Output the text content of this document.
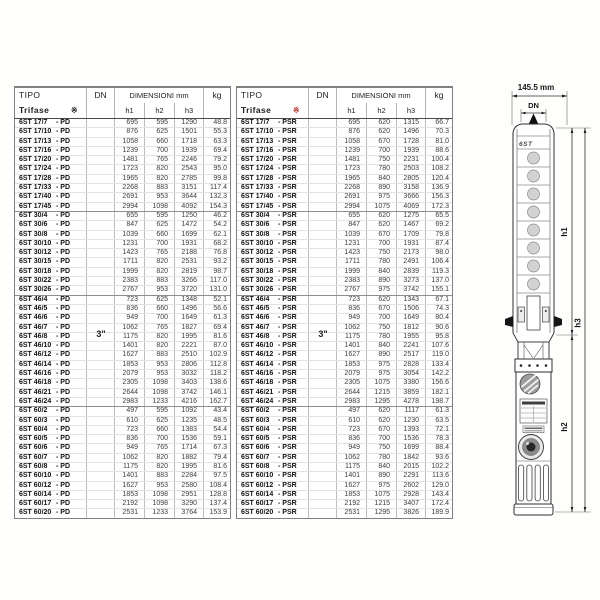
TIPO	DN	DIMENSIONI mm	kg
Trifase	※	h1	h2	h3
6ST 17/7	- PD	695	595	1290	48.8
6ST 17/10 - PD	876	625	1501	55.3
6ST 17/13 - PD	1058	660	1718	63.3
6ST 17/16 - PD	1239	700	1939	69.4
6ST 17/20 - PD	1481	765	2246	79.2
6ST 17/24 - PD	1723	820	2543	95.0
6ST 17/28 - PD	1965	820	2785	99.8
6ST 17/33 - PD	2268	883	3151	117.4
6ST 17/40 - PD	2691	953	3644	132.3
6ST 17/45 - PD	2994	1098	4092	154.3
6ST 30/4	- PD	655	595	1250	46.2
6ST 30/6	- PD	847	625	1472	54.2
6ST 30/8	- PD	1039	660	1699	62.1
6ST 30/10 - PD	1231	700	1931	68.2
6ST 30/12 - PD	1423	765	2188	76.8
6ST 30/15 - PD	1711	820	2531	93.2
6ST 30/18 - PD	1999	820	2819	98.7
6ST 30/22 - PD	2383	883	3266	117.0
6ST 30/26 - PD	2767	953	3720	131.0
6ST 46/4	- PD	723	625	1348	52.1
6ST 46/5	- PD	836	660	1496	56.6
6ST 46/6	- PD	949	700	1649	61.3
6ST 46/7	- PD	1062	765	1827	69.4
6ST 46/8	- PD	1175	820	1995	81.6
6ST 46/10 - PD	1401	820	2221	87.0
6ST 46/12 - PD	1627	883	2510	102.9
6ST 46/14 - PD	1853	953	2806	112.8
6ST 46/16 - PD	2079	953	3032	118.2
6ST 46/18 - PD	2305	1098	3403	138.6
6ST 46/21 - PD	2644	1098	3742	146.1
6ST 46/24 - PD	2983	1233	4216	162.7
6ST 60/2	- PD	497	595	1092	43.4
6ST 60/3	- PD	610	625	1235	48.5
6ST 60/4	- PD	723	660	1383	54.4
6ST 60/5	- PD	836	700	1536	59.1
6ST 60/6	- PD	949	765	1714	67.3
6ST 60/7	- PD	1062	820	1882	79.4
6ST 60/8	- PD	1175	820	1995	81.6
6ST 60/10 - PD	1401	883	2284	97.5
6ST 60/12 - PD	1627	953	2580	108.4
6ST 60/14 - PD	1853	1098	2951	128.8
6ST 60/17 - PD	2192	1098	3290	137.4
6ST 60/20 - PD	2531	1233	3764	153.9
3"
TIPO	DN	DIMENSIONI mm	kg
Trifase	※	h1	h2	h3
6ST 17/7	- PSR	695	620	1315	66.7
6ST 17/10 - PSR	876	620	1496	70.3
6ST 17/13 - PSR	1058	670	1728	81.0
6ST 17/16 - PSR	1239	700	1939	88.6
6ST 17/20 - PSR	1481	750	2231	100.4
6ST 17/24 - PSR	1723	780	2503	108.2
6ST 17/28 - PSR	1965	840	2805	120.4
6ST 17/33 - PSR	2268	890	3158	136.9
6ST 17/40 - PSR	2691	975	3666	156.3
6ST 17/45 - PSR	2994	1075	4069	172.3
6ST 30/4	- PSR	655	620	1275	65.5
6ST 30/6	- PSR	847	620	1467	69.2
6ST 30/8	- PSR	1039	670	1709	79.8
6ST 30/10 - PSR	1231	700	1931	87.4
6ST 30/12 - PSR	1423	750	2173	98.0
6ST 30/15 - PSR	1711	780	2491	106.4
6ST 30/18 - PSR	1999	840	2839	119.3
6ST 30/22 - PSR	2383	890	3273	137.0
6ST 30/26 - PSR	2767	975	3742	155.1
6ST 46/4	- PSR	723	620	1343	67.1
6ST 46/5	- PSR	836	670	1506	74.3
6ST 46/6	- PSR	949	700	1649	80.4
6ST 46/7	- PSR	1062	750	1812	90.6
6ST 46/8	- PSR	1175	780	1955	95.8
6ST 46/10 - PSR	1401	840	2241	107.6
6ST 46/12 - PSR	1627	890	2517	119.0
6ST 46/14 - PSR	1853	975	2828	133.4
6ST 46/16 - PSR	2079	975	3054	142.2
6ST 46/18 - PSR	2305	1075	3380	156.6
6ST 46/21 - PSR	2644	1215	3859	182.1
6ST 46/24 - PSR	2983	1295	4278	198.7
6ST 60/2	- PSR	497	620	1117	61.3
6ST 60/3	- PSR	610	620	1230	63.5
6ST 60/4	- PSR	723	670	1393	72.1
6ST 60/5	- PSR	836	700	1536	78.3
6ST 60/6	- PSR	949	750	1699	88.4
6ST 60/7	- PSR	1062	780	1842	93.6
6ST 60/8	- PSR	1175	840	2015	102.2
6ST 60/10 - PSR	1401	890	2291	113.6
6ST 60/12 - PSR	1627	975	2602	129.0
6ST 60/14 - PSR	1853	1075	2928	143.4
6ST 60/17 - PSR	2192	1215	3407	172.4
6ST 60/20 - PSR	2531	1295	3826	189.9
3"
145.5 mm
DN
6ST
h1
h3
h2
